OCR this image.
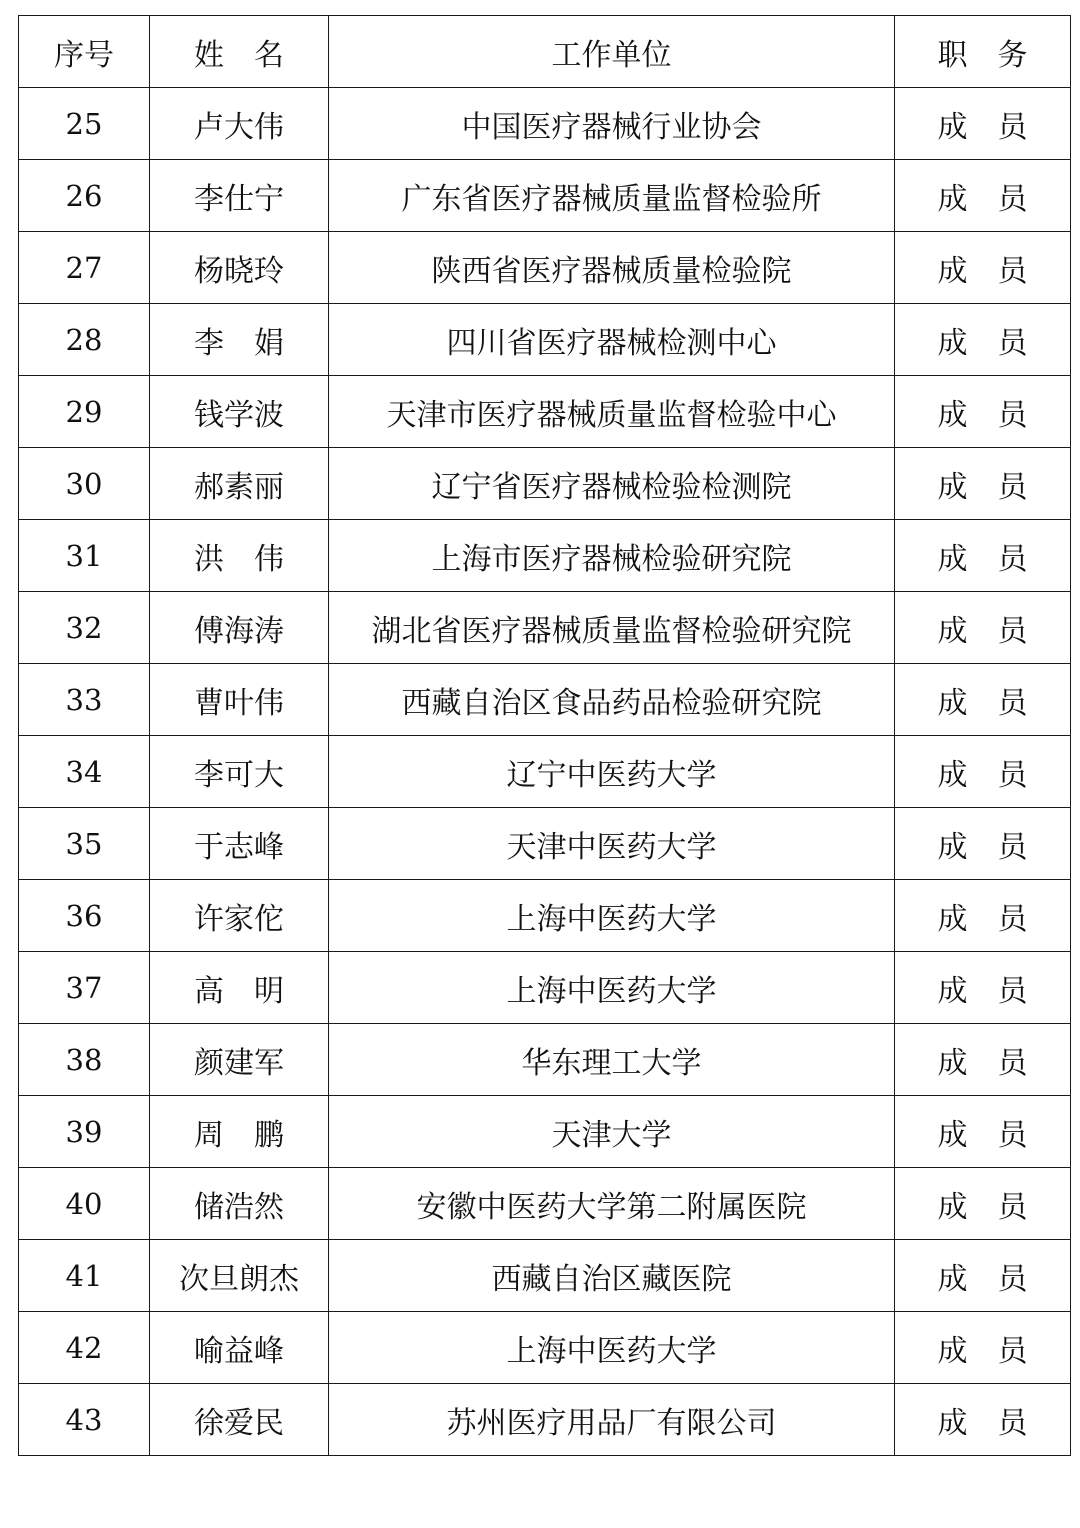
序号	姓　名	工作单位	职　务
25	卢大伟	中国医疗器械行业协会	成　员
26	李仕宁	广东省医疗器械质量监督检验所	成　员
27	杨晓玲	陕西省医疗器械质量检验院	成　员
28	李　娟	四川省医疗器械检测中心	成　员
29	钱学波	天津市医疗器械质量监督检验中心	成　员
30	郝素丽	辽宁省医疗器械检验检测院	成　员
31	洪　伟	上海市医疗器械检验研究院	成　员
32	傅海涛	湖北省医疗器械质量监督检验研究院	成　员
33	曹叶伟	西藏自治区食品药品检验研究院	成　员
34	李可大	辽宁中医药大学	成　员
35	于志峰	天津中医药大学	成　员
36	许家佗	上海中医药大学	成　员
37	高　明	上海中医药大学	成　员
38	颜建军	华东理工大学	成　员
39	周　鹏	天津大学	成　员
40	储浩然	安徽中医药大学第二附属医院	成　员
41	次旦朗杰	西藏自治区藏医院	成　员
42	喻益峰	上海中医药大学	成　员
43	徐爱民	苏州医疗用品厂有限公司	成　员
